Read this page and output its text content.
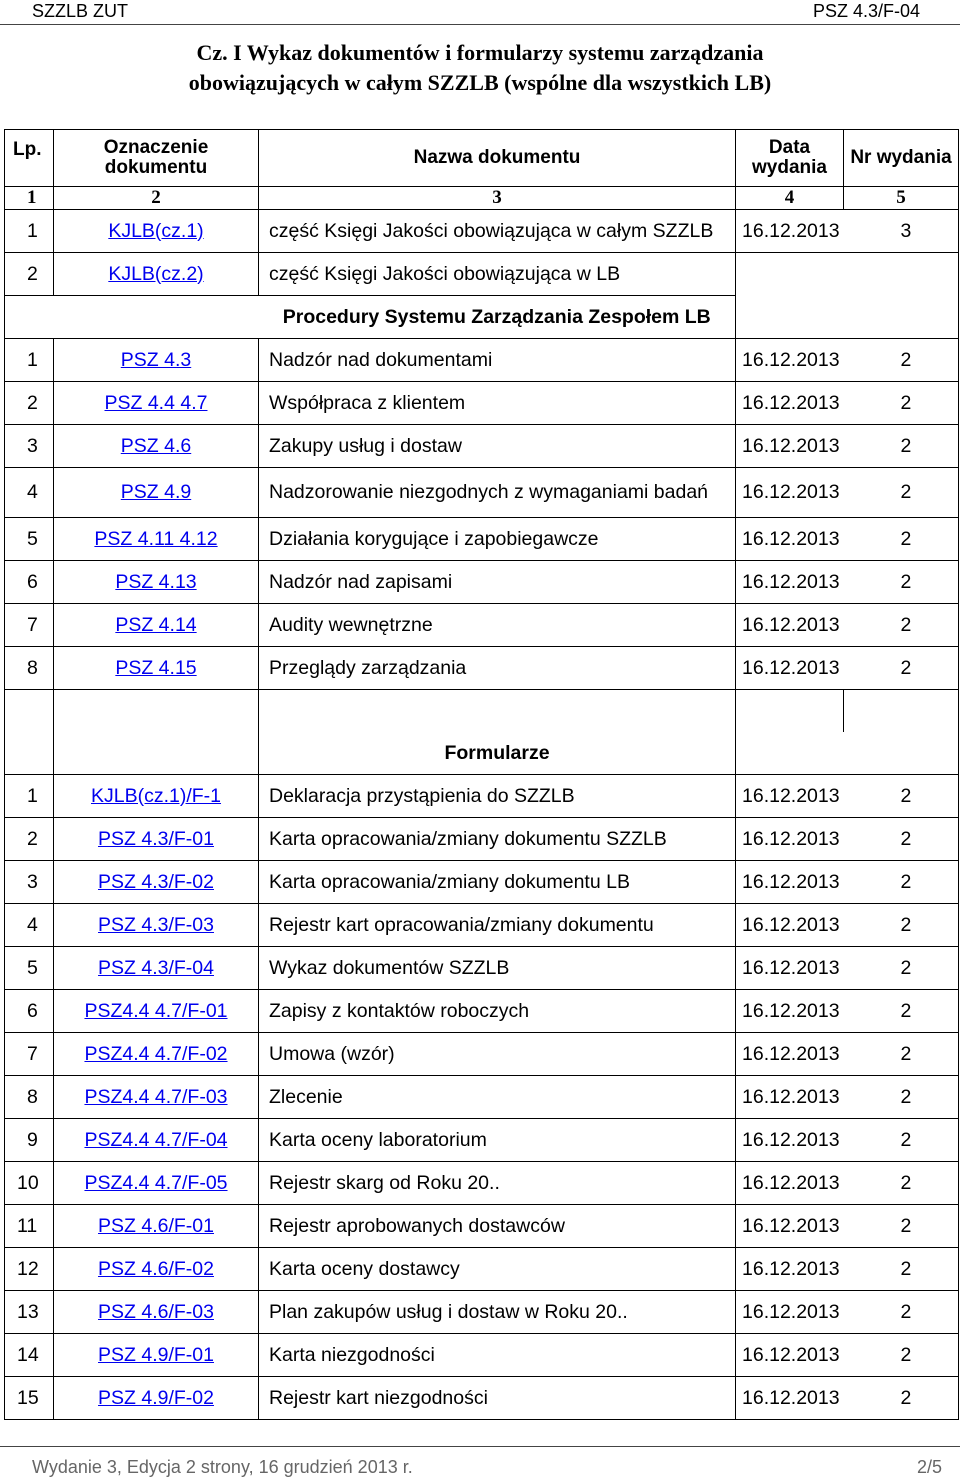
SZZLB ZUT	PSZ 4.3/F-04
Cz. I Wykaz dokumentów i formularzy systemu zarządzania
obowiązujących w całym SZZLB (wspólne dla wszystkich LB)
Lp.	Oznaczenie dokumentu	Nazwa dokumentu	Data wydania	Nr wydania
1	2	3	4	5
1	KJLB(cz.1)	część Księgi Jakości obowiązująca w całym SZZLB	16.12.2013	3
2	KJLB(cz.2)	część Księgi Jakości obowiązująca w LB		
		Procedury Systemu Zarządzania Zespołem LB		
1	PSZ 4.3	Nadzór nad dokumentami	16.12.2013	2
2	PSZ 4.4 4.7	Współpraca z klientem	16.12.2013	2
3	PSZ 4.6	Zakupy usług i dostaw	16.12.2013	2
4	PSZ 4.9	Nadzorowanie niezgodnych z wymaganiami badań	16.12.2013	2
5	PSZ 4.11 4.12	Działania korygujące i zapobiegawcze	16.12.2013	2
6	PSZ 4.13	Nadzór nad zapisami	16.12.2013	2
7	PSZ 4.14	Audity wewnętrzne	16.12.2013	2
8	PSZ 4.15	Przeglądy zarządzania	16.12.2013	2

		Formularze		
1	KJLB(cz.1)/F-1	Deklaracja przystąpienia do SZZLB	16.12.2013	2
2	PSZ 4.3/F-01	Karta opracowania/zmiany dokumentu SZZLB	16.12.2013	2
3	PSZ 4.3/F-02	Karta opracowania/zmiany dokumentu LB	16.12.2013	2
4	PSZ 4.3/F-03	Rejestr kart opracowania/zmiany dokumentu	16.12.2013	2
5	PSZ 4.3/F-04	Wykaz dokumentów SZZLB	16.12.2013	2
6	PSZ4.4 4.7/F-01	Zapisy z kontaktów roboczych	16.12.2013	2
7	PSZ4.4 4.7/F-02	Umowa (wzór)	16.12.2013	2
8	PSZ4.4 4.7/F-03	Zlecenie	16.12.2013	2
9	PSZ4.4 4.7/F-04	Karta oceny laboratorium	16.12.2013	2
10	PSZ4.4 4.7/F-05	Rejestr skarg od Roku 20..	16.12.2013	2
11	PSZ 4.6/F-01	Rejestr aprobowanych dostawców	16.12.2013	2
12	PSZ 4.6/F-02	Karta oceny dostawcy	16.12.2013	2
13	PSZ 4.6/F-03	Plan zakupów usług i dostaw w Roku 20..	16.12.2013	2
14	PSZ 4.9/F-01	Karta niezgodności	16.12.2013	2
15	PSZ 4.9/F-02	Rejestr kart niezgodności	16.12.2013	2
Wydanie 3, Edycja 2 strony, 16 grudzień 2013 r.	2/5
